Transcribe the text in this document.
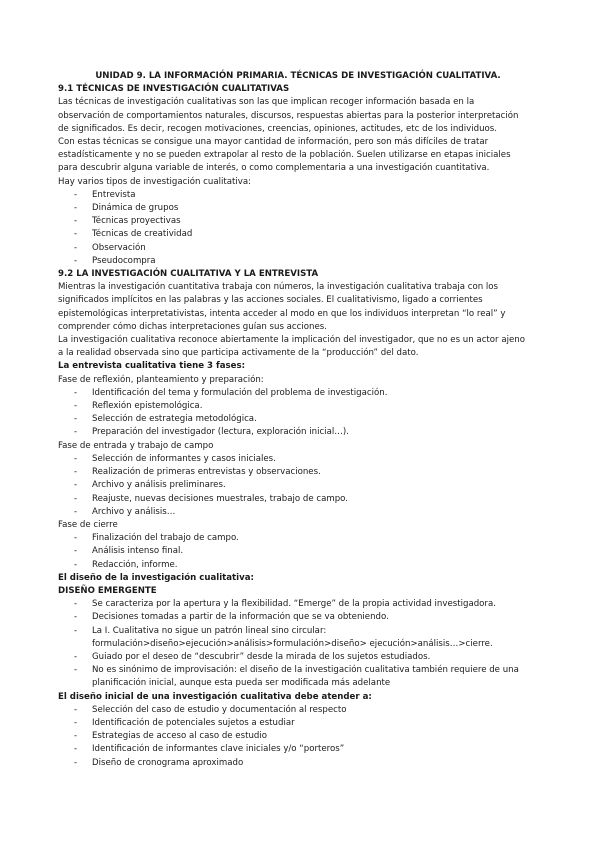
UNIDAD 9. LA INFORMACIÓN PRIMARIA. TÉCNICAS DE INVESTIGACIÓN CUALITATIVA.

9.1 TÉCNICAS DE INVESTIGACIÓN CUALITATIVAS

Las técnicas de investigación cualitativas son las que implican recoger información basada en la observación de comportamientos naturales, discursos, respuestas abiertas para la posterior interpretación de significados. Es decir, recogen motivaciones, creencias, opiniones, actitudes, etc de los individuos.

Con estas técnicas se consigue una mayor cantidad de información, pero son más difíciles de tratar estadísticamente y no se pueden extrapolar al resto de la población. Suelen utilizarse en etapas iniciales para descubrir alguna variable de interés, o como complementaria a una investigación cuantitativa.

Hay varios tipos de investigación cualitativa:

- Entrevista
- Dinámica de grupos
- Técnicas proyectivas
- Técnicas de creatividad
- Observación
- Pseudocompra

9.2 LA INVESTIGACIÓN CUALITATIVA Y LA ENTREVISTA

Mientras la investigación cuantitativa trabaja con números, la investigación cualitativa trabaja con los significados implícitos en las palabras y las acciones sociales. El cualitativismo, ligado a corrientes epistemológicas interpretativistas, intenta acceder al modo en que los individuos interpretan “lo real” y comprender cómo dichas interpretaciones guían sus acciones.

La investigación cualitativa reconoce abiertamente la implicación del investigador, que no es un actor ajeno a la realidad observada sino que participa activamente de la “producción” del dato.

La entrevista cualitativa tiene 3 fases:

Fase de reflexión, planteamiento y preparación:

- Identificación del tema y formulación del problema de investigación.
- Reflexión epistemológica.
- Selección de estrategia metodológica.
- Preparación del investigador (lectura, exploración inicial…).

Fase de entrada y trabajo de campo

- Selección de informantes y casos iniciales.
- Realización de primeras entrevistas y observaciones.
- Archivo y análisis preliminares.
- Reajuste, nuevas decisiones muestrales, trabajo de campo.
- Archivo y análisis…

Fase de cierre

- Finalización del trabajo de campo.
- Análisis intenso final.
- Redacción, informe.

El diseño de la investigación cualitativa:

DISEÑO EMERGENTE

- Se caracteriza por la apertura y la flexibilidad. “Emerge” de la propia actividad investigadora.
- Decisiones tomadas a partir de la información que se va obteniendo.
- La I. Cualitativa no sigue un patrón lineal sino circular: formulación>diseño>ejecución>análisis>formulación>diseño> ejecución>análisis…>cierre.
- Guiado por el deseo de “descubrir” desde la mirada de los sujetos estudiados.
- No es sinónimo de improvisación: el diseño de la investigación cualitativa también requiere de una planificación inicial, aunque esta pueda ser modificada más adelante

El diseño inicial de una investigación cualitativa debe atender a:

- Selección del caso de estudio y documentación al respecto
- Identificación de potenciales sujetos a estudiar
- Estrategias de acceso al caso de estudio
- Identificación de informantes clave iniciales y/o “porteros”
- Diseño de cronograma aproximado
